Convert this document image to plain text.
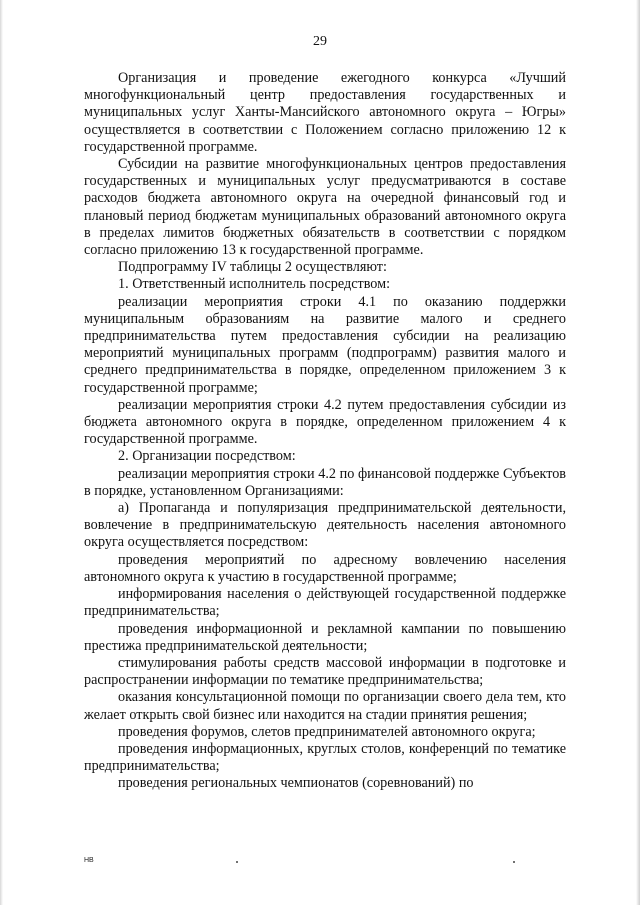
29

Организация и проведение ежегодного конкурса «Лучший многофункциональный центр предоставления государственных и муниципальных услуг Ханты-Мансийского автономного округа – Югры» осуществляется в соответствии с Положением согласно приложению 12 к государственной программе.

Субсидии на развитие многофункциональных центров предоставления государственных и муниципальных услуг предусматриваются в составе расходов бюджета автономного округа на очередной финансовый год и плановый период бюджетам муниципальных образований автономного округа в пределах лимитов бюджетных обязательств в соответствии с порядком согласно приложению 13 к государственной программе.

Подпрограмму IV таблицы 2 осуществляют:

1. Ответственный исполнитель посредством:

реализации мероприятия строки 4.1 по оказанию поддержки муниципальным образованиям на развитие малого и среднего предпринимательства путем предоставления субсидии на реализацию мероприятий муниципальных программ (подпрограмм) развития малого и среднего предпринимательства в порядке, определенном приложением 3 к государственной программе;

реализации мероприятия строки 4.2 путем предоставления субсидии из бюджета автономного округа в порядке, определенном приложением 4 к государственной программе.

2. Организации посредством:

реализации мероприятия строки 4.2 по финансовой поддержке Субъектов в порядке, установленном Организациями:

а) Пропаганда и популяризация предпринимательской деятельности, вовлечение в предпринимательскую деятельность населения автономного округа осуществляется посредством:

проведения мероприятий по адресному вовлечению населения автономного округа к участию в государственной программе;

информирования населения о действующей государственной поддержке предпринимательства;

проведения информационной и рекламной кампании по повышению престижа предпринимательской деятельности;

стимулирования работы средств массовой информации в подготовке и распространении информации по тематике предпринимательства;

оказания консультационной помощи по организации своего дела тем, кто желает открыть свой бизнес или находится на стадии принятия решения;

проведения форумов, слетов предпринимателей автономного округа;

проведения информационных, круглых столов, конференций по тематике предпринимательства;

проведения региональных чемпионатов (соревнований) по

НВ
